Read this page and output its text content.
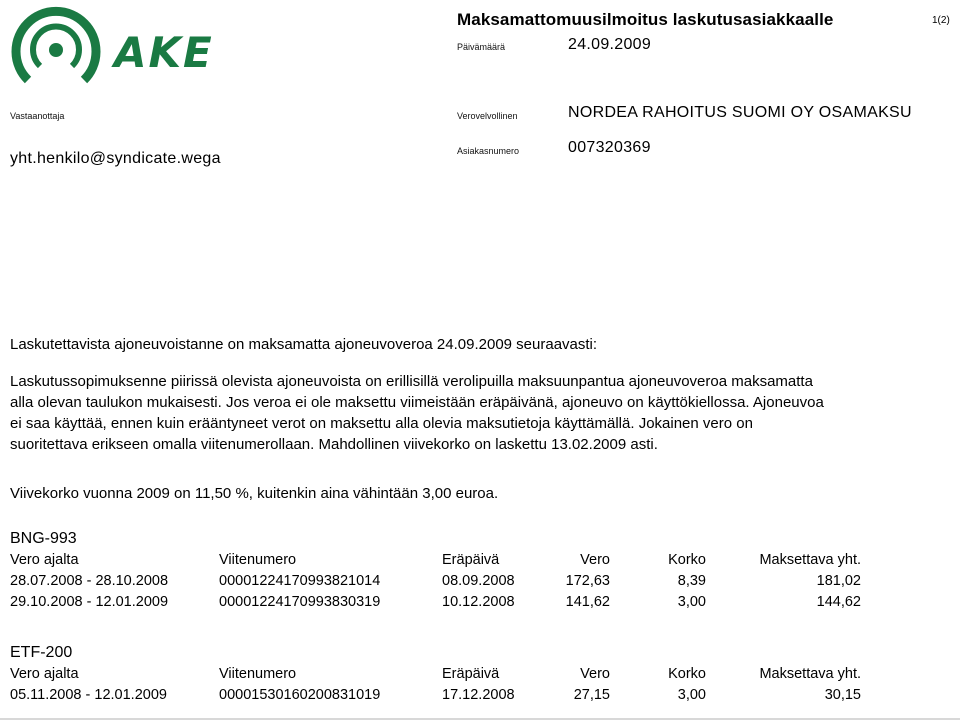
AKE
Maksamattomuusilmoitus laskutusasiakkaalle	1(2)
Päivämäärä	24.09.2009
Vastaanottaja
yht.henkilo@syndicate.wega
Verovelvollinen	NORDEA RAHOITUS SUOMI OY OSAMAKSU
Asiakasnumero	007320369
Laskutettavista ajoneuvoistanne on maksamatta ajoneuvoveroa 24.09.2009 seuraavasti:
Laskutussopimuksenne piirissä olevista ajoneuvoista on erillisillä verolipuilla maksuunpantua ajoneuvoveroa maksamatta
alla olevan taulukon mukaisesti. Jos veroa ei ole maksettu viimeistään eräpäivänä, ajoneuvo on käyttökiellossa. Ajoneuvoa
ei saa käyttää, ennen kuin erääntyneet verot on maksettu alla olevia maksutietoja käyttämällä. Jokainen vero on
suoritettava erikseen omalla viitenumerollaan. Mahdollinen viivekorko on laskettu 13.02.2009 asti.
Viivekorko vuonna 2009 on 11,50 %, kuitenkin aina vähintään 3,00 euroa.
BNG-993
Vero ajalta	Viitenumero	Eräpäivä	Vero	Korko	Maksettava yht.
28.07.2008 - 28.10.2008	00001224170993821014	08.09.2008	172,63	8,39	181,02
29.10.2008 - 12.01.2009	00001224170993830319	10.12.2008	141,62	3,00	144,62
ETF-200
Vero ajalta	Viitenumero	Eräpäivä	Vero	Korko	Maksettava yht.
05.11.2008 - 12.01.2009	00001530160200831019	17.12.2008	27,15	3,00	30,15
